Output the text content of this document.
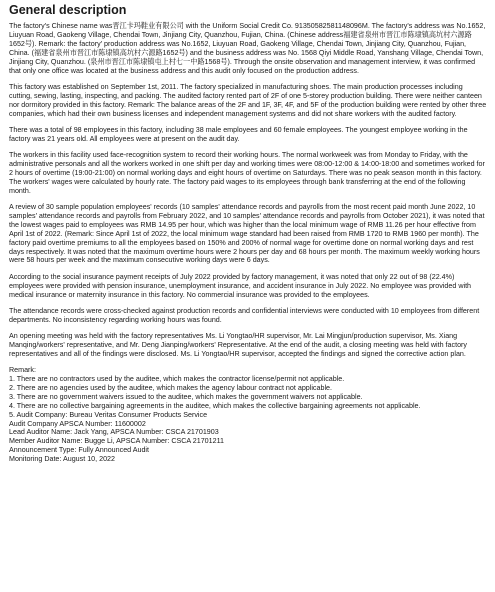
General description

The factory's Chinese name was晋江卡玛鞋业有限公司 with the Uniform Social Credit Co. 91350582581148096M. The factory's address was No.1652, Liuyuan Road, Gaokeng Village, Chendai Town, Jinjiang City, Quanzhou, Fujian, China. (Chinese address福建省泉州市晋江市陈埭镇高坑村六源路1652号). Remark: the factory' production address was No.1652, Liuyuan Road, Gaokeng Village, Chendai Town, Jinjiang City, Quanzhou, Fujian, China. (福建省泉州市晋江市陈埭镇高坑村六源路1652号) and the business address was No. 1568 Qiyi Middle Road, Yanshang Village, Chendai Town, Jinjiang City, Quanzhou. (泉州市晋江市陈埭镇屯上村七一中路1568号). Through the onsite observation and management interview, it was confirmed that only one office was located at the business address and this audit only focused on the production address.

This factory was established on September 1st, 2011. The factory specialized in manufacturing shoes. The main production processes including cutting, sewing, lasting, inspecting, and packing. The audited factory rented part of 2F of one 5-storey production building. There were neither canteen nor dormitory provided in this factory. Remark: The balance areas of the 2F and 1F, 3F, 4F, and 5F of the production building were rented by other three companies, which had their own business licenses and independent management systems and did not share workers with the audited factory.

There was a total of 98 employees in this factory, including 38 male employees and 60 female employees. The youngest employee working in the factory was 21 years old. All employees were at present on the audit day.

The workers in this facility used face-recognition system to record their working hours. The normal workweek was from Monday to Friday, with the administrative personals and all the workers worked in one shift per day and working times were 08:00-12:00 & 14:00-18:00 and sometimes worked for 2 hours of overtime (19:00-21:00) on normal working days and eight hours of overtime on Saturdays. There was no peak season month in this factory. The workers' wages were calculated by hourly rate. The factory paid wages to its employees through bank transferring at the end of the following month.

A review of 30 sample population employees' records (10 samples' attendance records and payrolls from the most recent paid month June 2022, 10 samples' attendance records and payrolls from February 2022, and 10 samples' attendance records and payrolls from October 2021), it was noted that the lowest wages paid to employees was RMB 14.95 per hour, which was higher than the local minimum wage of RMB 11.26 per hour effective from April 1st of 2022. (Remark: Since April 1st of 2022, the local minimum wage standard had been raised from RMB 1720 to RMB 1960 per month). The factory paid overtime premiums to all the employees based on 150% and 200% of normal wage for overtime done on normal working days and rest days respectively. It was noted that the maximum overtime hours were 2 hours per day and 68 hours per month. The maximum weekly working hours were 58 hours per week and the maximum consecutive working days were 6 days.

According to the social insurance payment receipts of July 2022 provided by factory management, it was noted that only 22 out of 98 (22.4%) employees were provided with pension insurance, unemployment insurance, and accident insurance in July 2022. No employee was provided with medical insurance or maternity insurance in this factory. No commercial insurance was provided to the employees.

The attendance records were cross-checked against production records and confidential interviews were conducted with 10 employees from different departments. No inconsistency regarding working hours was found.

An opening meeting was held with the factory representatives Ms. Li Yongtao/HR supervisor, Mr. Lai Mingjun/production supervisor, Ms. Xiang Manqing/workers' representative, and Mr. Deng Jianping/workers' Representative. At the end of the audit, a closing meeting was held with factory representatives and all of the findings were disclosed. Ms. Li Yongtao/HR supervisor, accepted the findings and signed the corrective action plan.

Remark:
1. There are no contractors used by the auditee, which makes the contractor license/permit not applicable.
2. There are no agencies used by the auditee, which makes the agency labour contract not applicable.
3. There are no government waivers issued to the auditee, which makes the government waivers not applicable.
4. There are no collective bargaining agreements in the auditee, which makes the collective bargaining agreements not applicable.
5. Audit Company: Bureau Veritas Consumer Products Service
Audit Company APSCA Number: 11600002
Lead Auditor Name: Jack Yang, APSCA Number: CSCA 21701903
Member Auditor Name: Bugge Li, APSCA Number: CSCA 21701211
Announcement Type: Fully Announced Audit
Monitoring Date: August 10, 2022
